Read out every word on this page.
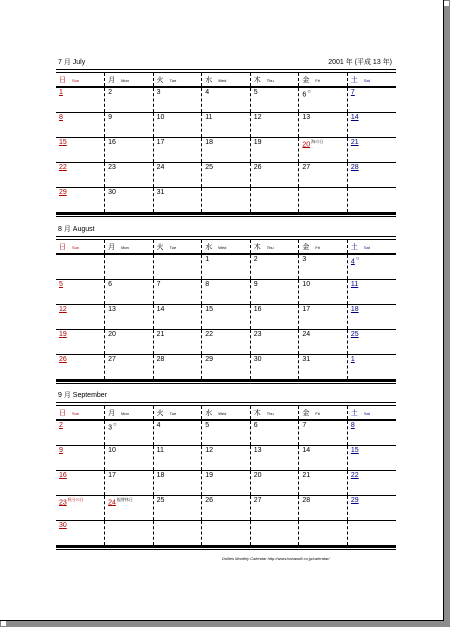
7 月 July	2001 年 (平成 13 年)
日 Sun	月 Mon	火 Tue	水 Wed	木 Thu	金 Fri	土 Sat
1	2	3	4	5	6○	7
8	9	10	11	12	13	14
15	16	17	18	19	20$^{海の日}$	21
22	23	24	25	26	27	28
29	30	31				
8 月 August
日 Sun	月 Mon	火 Tue	水 Wed	木 Thu	金 Fri	土 Sat
			1	2	3	4○
5	6	7	8	9	10	11
12	13	14	15	16	17	18
19	20	21	22	23	24	25
26	27	28	29	30	31	1
9 月 September
日 Sun	月 Mon	火 Tue	水 Wed	木 Thu	金 Fri	土 Sat
2	3○	4	5	6	7	8
9	10	11	12	13	14	15
16	17	18	19	20	21	22
23$^{秋分の日}$	24$^{振替休日}$	25	26	27	28	29
30						
Dollies Monthly Calendar http://www.hanasoft.co.jp/calendar/
